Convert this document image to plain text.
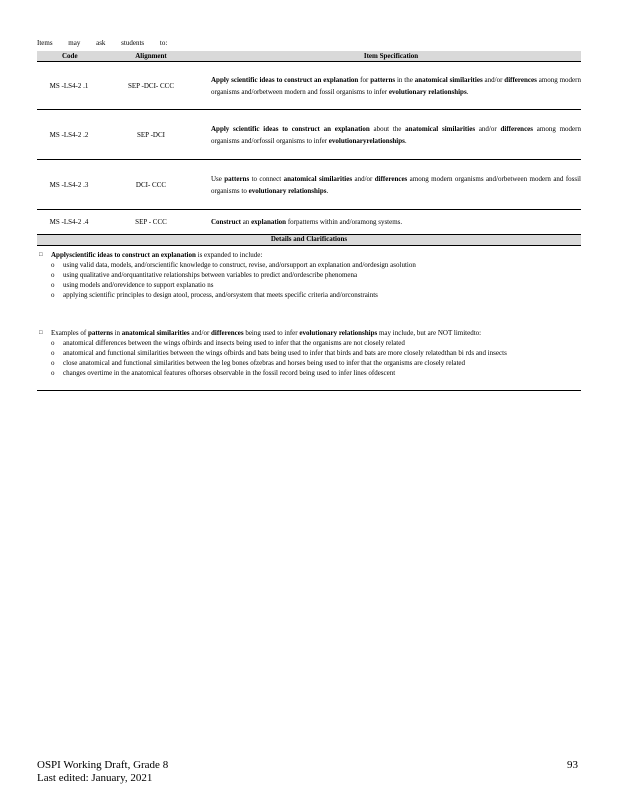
Items may ask students to:
Code	Alignment	Item Specification
MS -LS4-2 .1	SEP -DCI- CCC	Apply scientific ideas to construct an explanation for patterns in the anatomical similarities and/or differences among modern organisms and/orbetween modern and fossil organisms to infer evolutionary relationships.
MS -LS4-2 .2	SEP -DCI	Apply scientific ideas to construct an explanation about the anatomical similarities and/or differences among modern organisms and/orfossil organisms to infer evolutionaryrelationships.
MS -LS4-2 .3	DCI- CCC	Use patterns to connect anatomical similarities and/or differences among modern organisms and/orbetween modern and fossil organisms to evolutionary relationships.
MS -LS4-2 .4	SEP - CCC	Construct an explanation forpatterns within and/oramong systems.
Details and Clarifications
□ Applyscientific ideas to construct an explanation is expanded to include:
o using valid data, models, and/orscientific knowledge to construct, revise, and/orsupport an explanation and/ordesign asolution
o using qualitative and/orquantitative relationships between variables to predict and/ordescribe phenomena
o using models and/orevidence to support explanatio ns
o applying scientific principles to design atool, process, and/orsystem that meets specific criteria and/orconstraints
□ Examples of patterns in anatomical similarities and/or differences being used to infer evolutionary relationships may include, but are NOT limitedto:
o anatomical differences between the wings ofbirds and insects being used to infer that the organisms are not closely related
o anatomical and functional similarities between the wings ofbirds and bats being used to infer that birds and bats are more closely relatedthan bi rds and insects
o close anatomical and functional similarities between the leg bones ofzebras and horses being used to infer that the organisms are closely related
o changes overtime in the anatomical features ofhorses observable in the fossil record being used to infer lines ofdescent
OSPI Working Draft, Grade 8
Last edited: January, 2021
93
